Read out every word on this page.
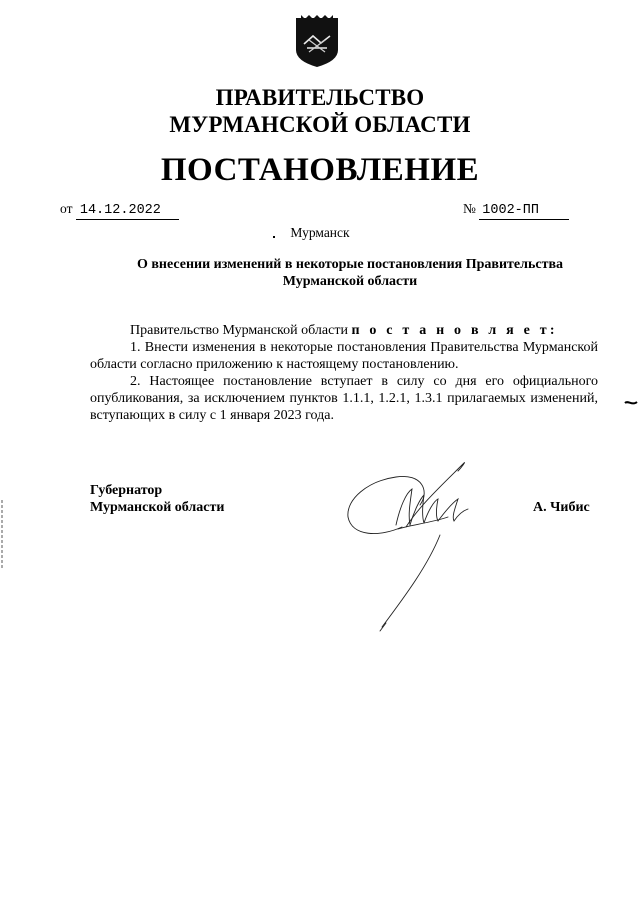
ПРАВИТЕЛЬСТВО
МУРМАНСКОЙ ОБЛАСТИ
ПОСТАНОВЛЕНИЕ
от 14.12.2022	№ 1002-ПП
Мурманск
О внесении изменений в некоторые постановления Правительства
Мурманской области

Правительство Мурманской области п о с т а н о в л я е т:

1. Внести изменения в некоторые постановления Правительства Мурманской области согласно приложению к настоящему постановлению.

2. Настоящее постановление вступает в силу со дня его официального опубликования, за исключением пунктов 1.1.1, 1.2.1, 1.3.1 прилагаемых изменений, вступающих в силу с 1 января 2023 года.

Губернатор
Мурманской области	А. Чибис
